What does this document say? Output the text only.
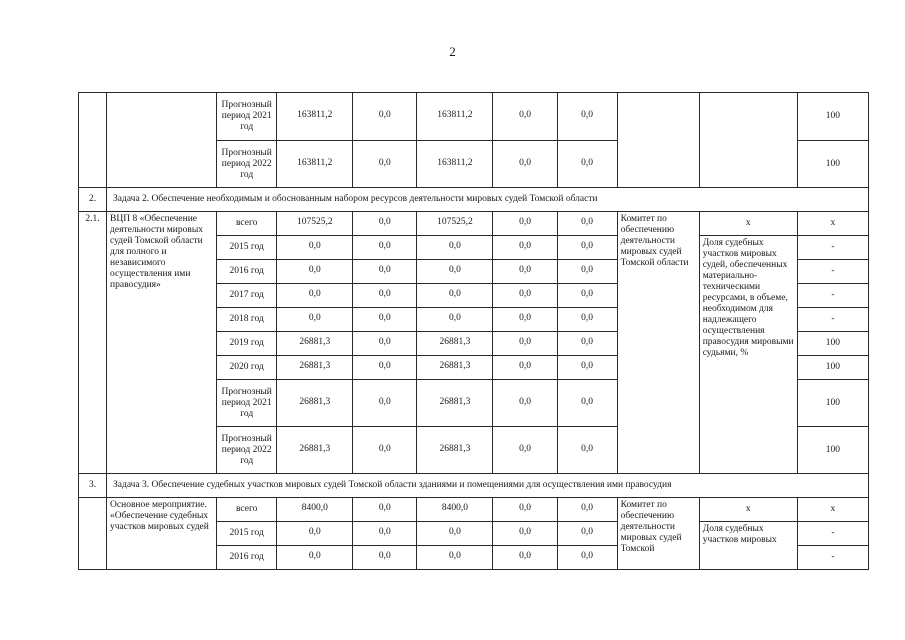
2
		Прогнозный период 2021 год	163811,2	0,0	163811,2	0,0	0,0			100
		Прогнозный период 2022 год	163811,2	0,0	163811,2	0,0	0,0			100
2.	Задача 2. Обеспечение необходимым и обоснованным набором ресурсов деятельности мировых судей Томской области									
2.1.	ВЦП 8 «Обеспечение деятельности мировых судей Томской области для полного и независимого осуществления ими правосудия»	всего	107525,2	0,0	107525,2	0,0	0,0	Комитет по обеспечению деятельности мировых судей Томской области	x	x
		2015 год	0,0	0,0	0,0	0,0	0,0		Доля судебных участков мировых судей, обеспеченных материально-техническими ресурсами, в объеме, необходимом для надлежащего осуществления правосудия мировыми судьями, %	-
		2016 год	0,0	0,0	0,0	0,0	0,0			-
		2017 год	0,0	0,0	0,0	0,0	0,0			-
		2018 год	0,0	0,0	0,0	0,0	0,0			-
		2019 год	26881,3	0,0	26881,3	0,0	0,0			100
		2020 год	26881,3	0,0	26881,3	0,0	0,0			100
		Прогнозный период 2021 год	26881,3	0,0	26881,3	0,0	0,0			100
		Прогнозный период 2022 год	26881,3	0,0	26881,3	0,0	0,0			100
3.	Задача 3. Обеспечение судебных участков мировых судей Томской области зданиями и помещениями для осуществления ими правосудия									
	Основное мероприятие. «Обеспечение судебных участков мировых судей	всего	8400,0	0,0	8400,0	0,0	0,0	Комитет по обеспечению деятельности мировых судей Томской	x	x
		2015 год	0,0	0,0	0,0	0,0	0,0		Доля судебных участков мировых	-
		2016 год	0,0	0,0	0,0	0,0	0,0			-
